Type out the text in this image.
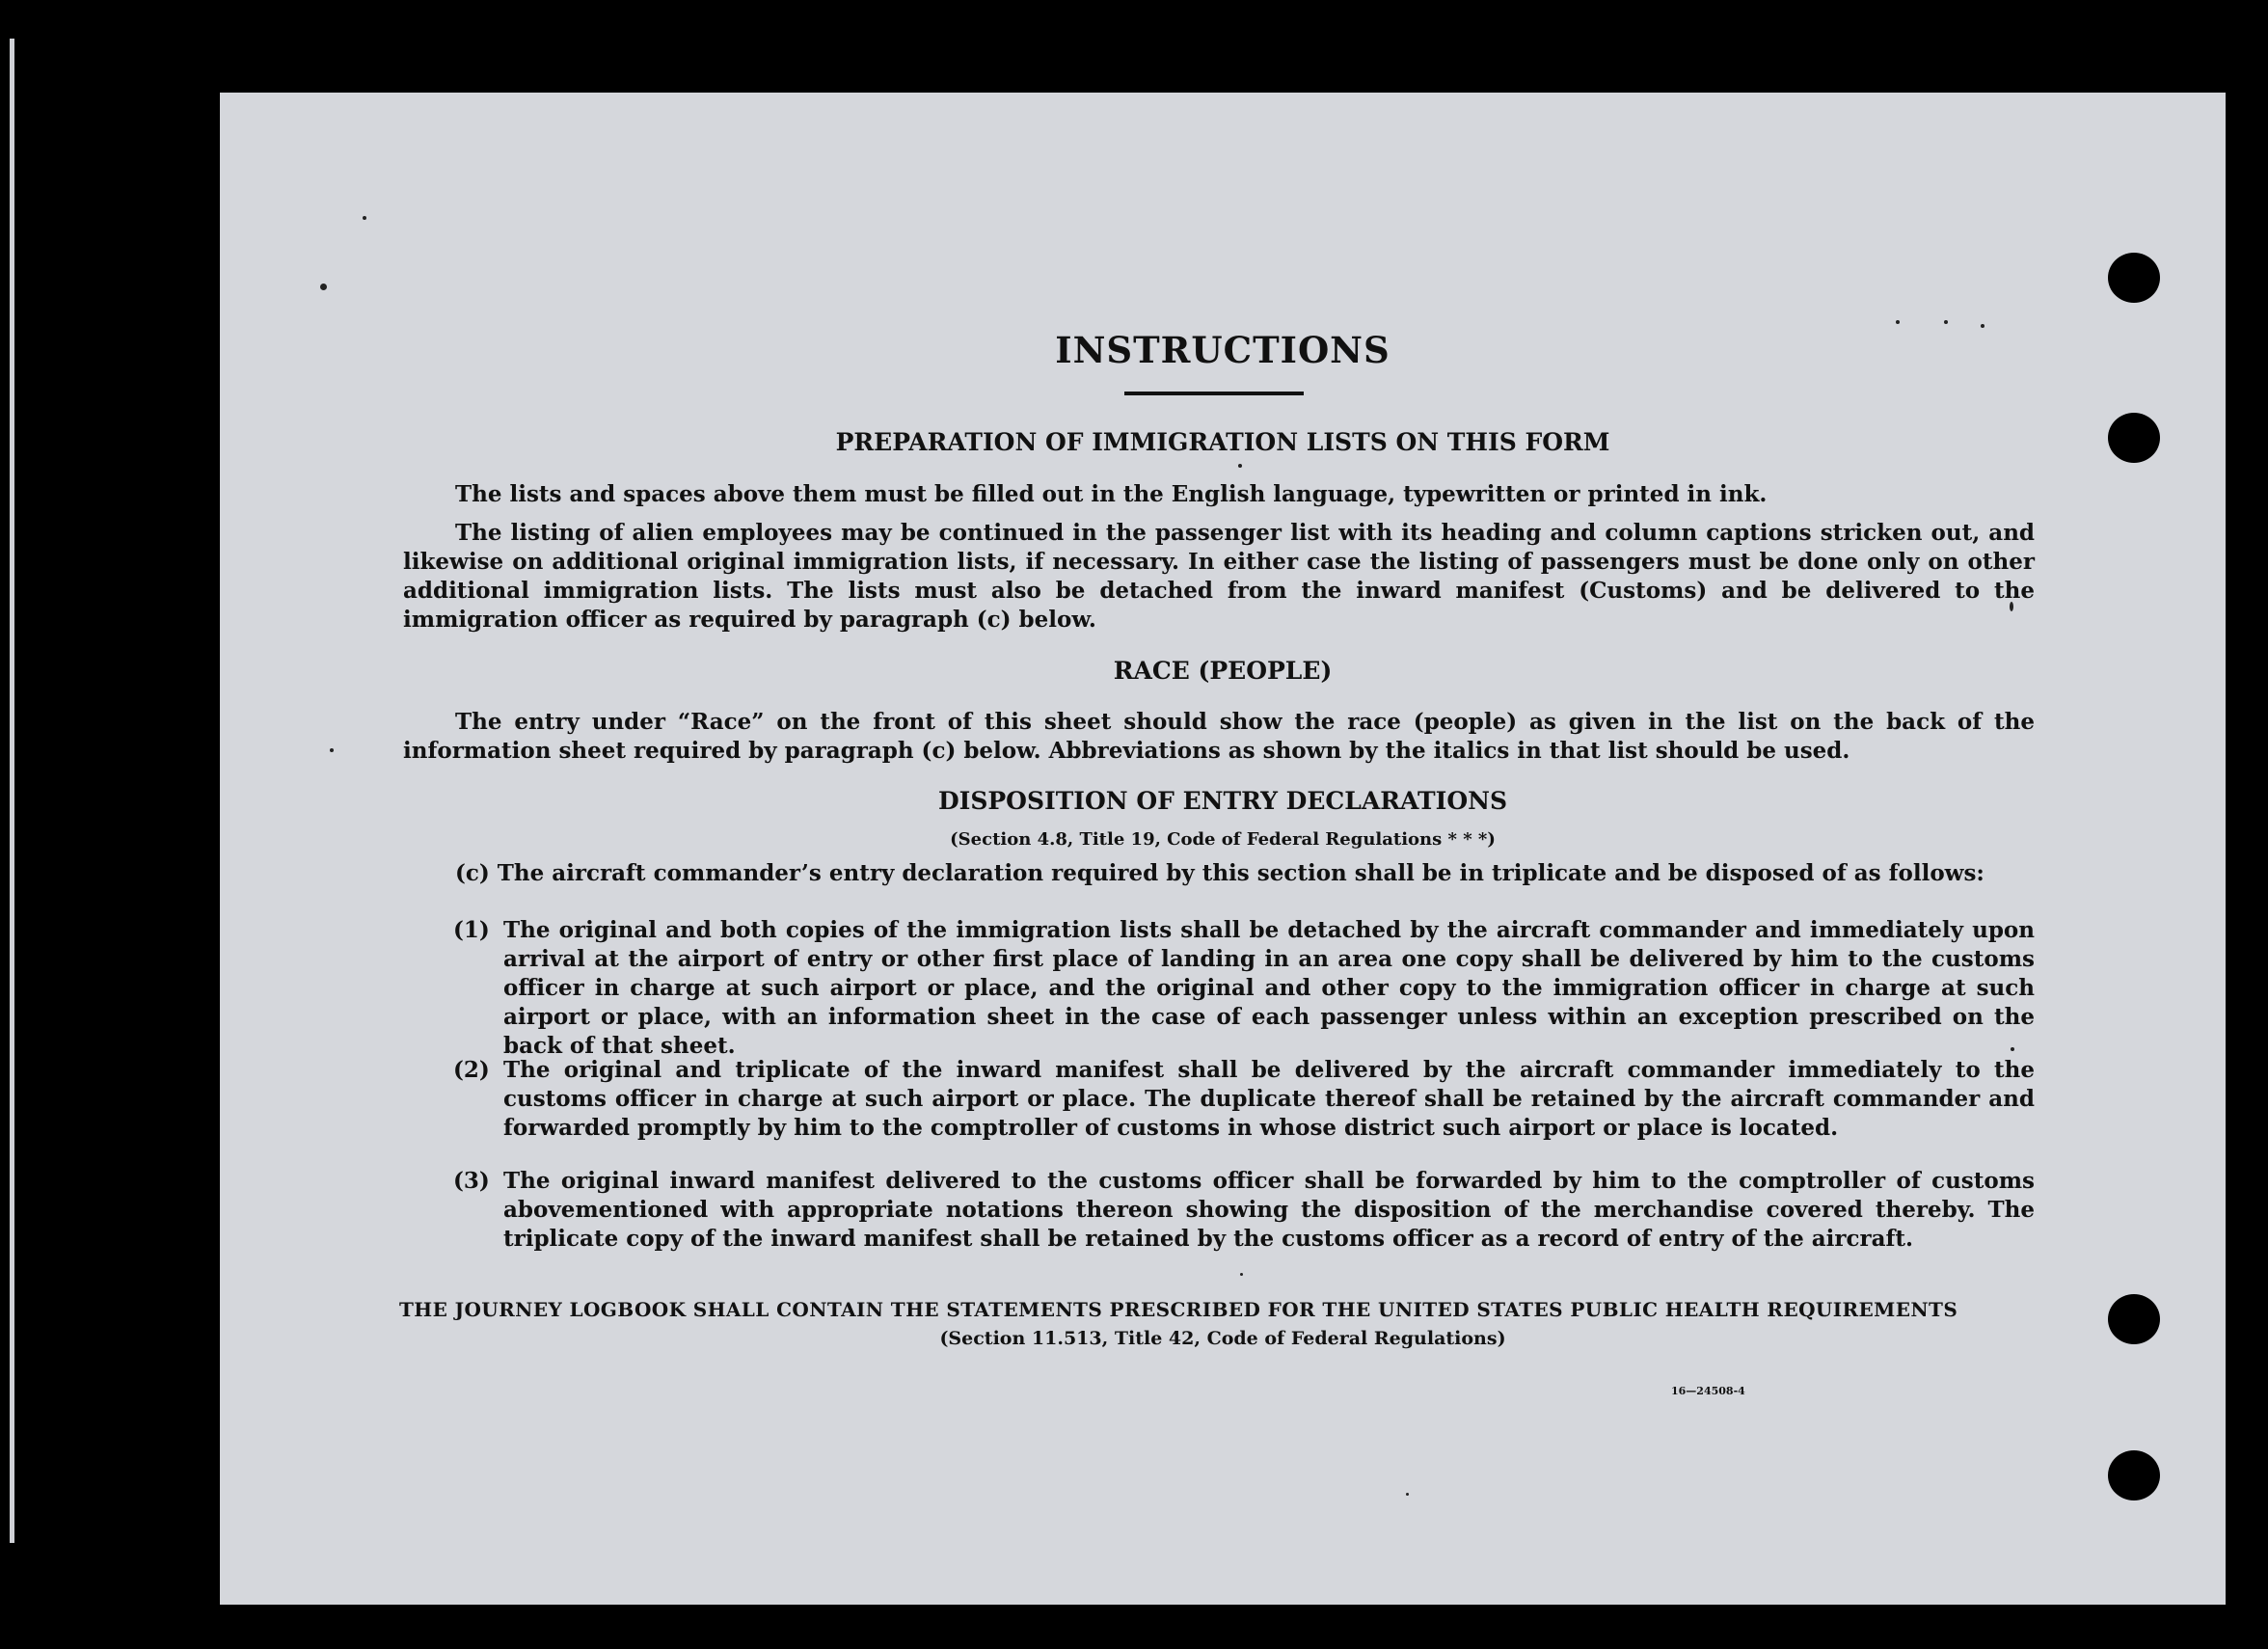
INSTRUCTIONS
PREPARATION OF IMMIGRATION LISTS ON THIS FORM

The lists and spaces above them must be filled out in the English language, typewritten or printed in ink.

The listing of alien employees may be continued in the passenger list with its heading and column captions stricken out, and likewise on additional original immigration lists, if necessary. In either case the listing of passengers must be done only on other additional immigration lists. The lists must also be detached from the inward manifest (Customs) and be delivered to the immigration officer as required by paragraph (c) below.

RACE (PEOPLE)

The entry under “Race” on the front of this sheet should show the race (people) as given in the list on the back of the information sheet required by paragraph (c) below. Abbreviations as shown by the italics in that list should be used.

DISPOSITION OF ENTRY DECLARATIONS
(Section 4.8, Title 19, Code of Federal Regulations * * *)

(c) The aircraft commander’s entry declaration required by this section shall be in triplicate and be disposed of as follows:

(1) The original and both copies of the immigration lists shall be detached by the aircraft commander and immediately upon arrival at the airport of entry or other first place of landing in an area one copy shall be delivered by him to the customs officer in charge at such airport or place, and the original and other copy to the immigration officer in charge at such airport or place, with an information sheet in the case of each passenger unless within an exception prescribed on the back of that sheet.

(2) The original and triplicate of the inward manifest shall be delivered by the aircraft commander immediately to the customs officer in charge at such airport or place. The duplicate thereof shall be retained by the aircraft commander and forwarded promptly by him to the comptroller of customs in whose district such airport or place is located.

(3) The original inward manifest delivered to the customs officer shall be forwarded by him to the comptroller of customs abovementioned with appropriate notations thereon showing the disposition of the merchandise covered thereby. The triplicate copy of the inward manifest shall be retained by the customs officer as a record of entry of the aircraft.

THE JOURNEY LOGBOOK SHALL CONTAIN THE STATEMENTS PRESCRIBED FOR THE UNITED STATES PUBLIC HEALTH REQUIREMENTS
(Section 11.513, Title 42, Code of Federal Regulations)
16—24508-4
